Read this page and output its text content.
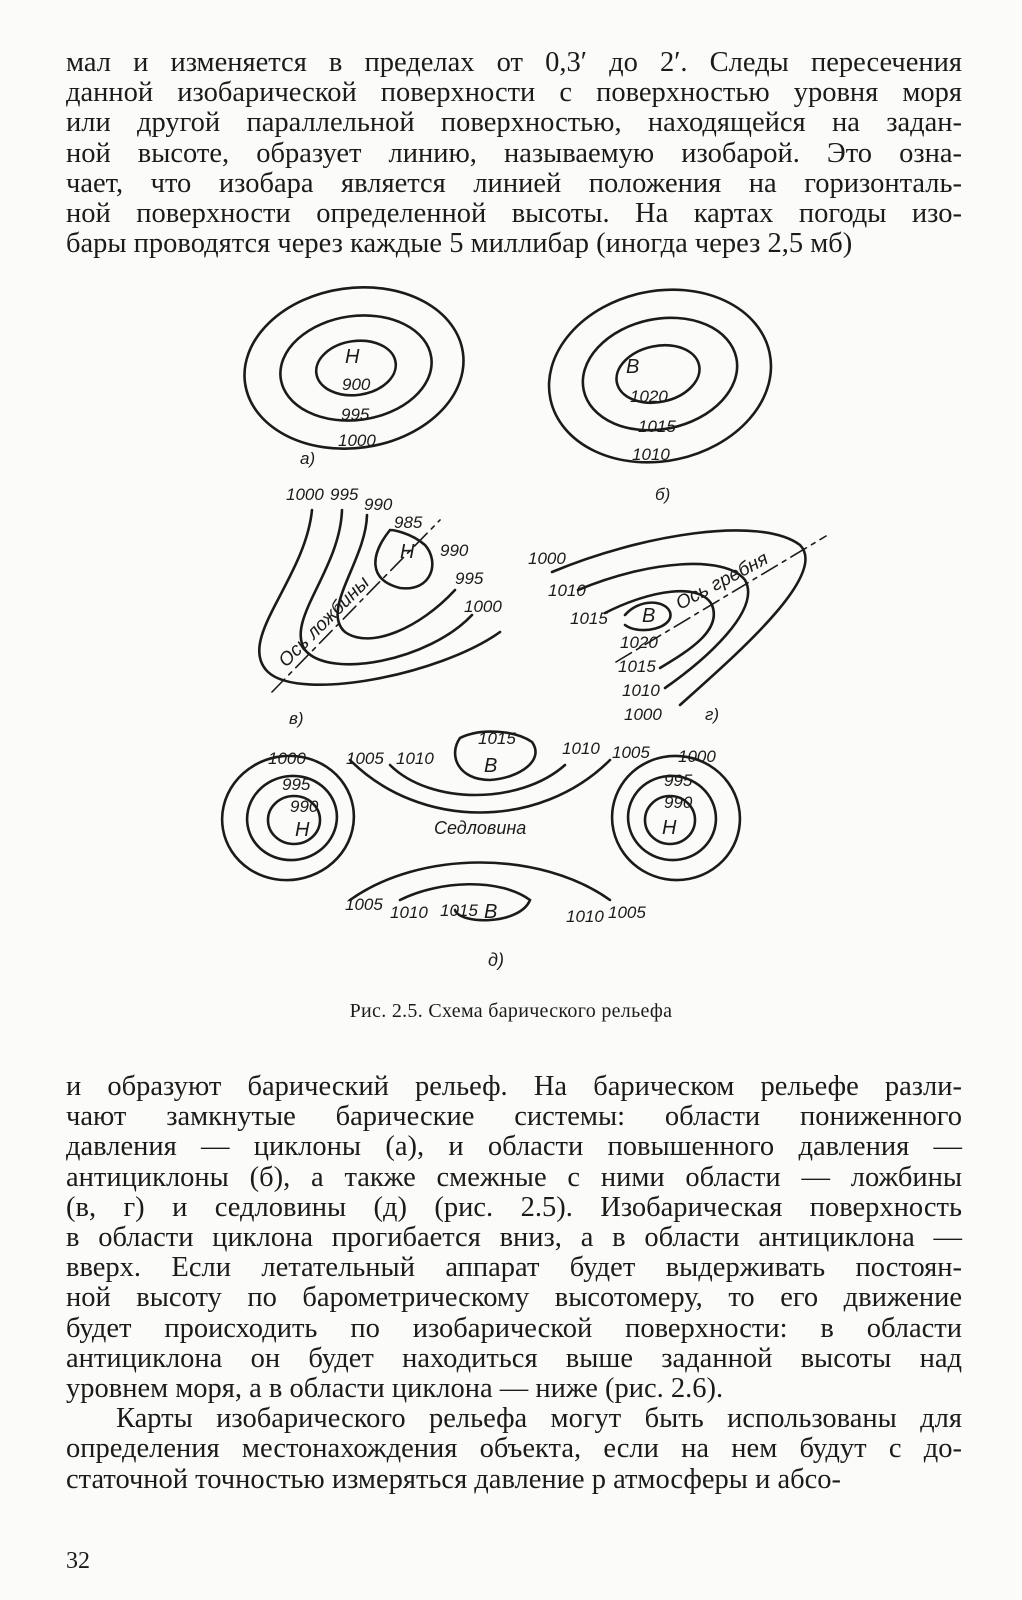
мал и изменяется в пределах от 0,3′ до 2′. Следы пересечения
данной изобарической поверхности с поверхностью уровня моря
или другой параллельной поверхностью, находящейся на задан-
ной высоте, образует линию, называемую изобарой. Это озна-
чает, что изобара является линией положения на горизонталь-
ной поверхности определенной высоты. На картах погоды изо-
бары проводятся через каждые 5 миллибар (иногда через 2,5 мб)
Н
900
995
1000
а)
В
1020
1015
1010
б)
1000 995
990
985
Н 990
995
1000
Ось ложбины
в)
1000
1010
1015 В
1020
1015
1010
1000
Ось гребня
г)
1000
995
990
Н
1005 1010
1015
В
1010 1005 1000
995
990
Н
Седловина
1005 1010 1015 В	1010 1005
д)
Рис. 2.5. Схема барического рельефа
и образуют барический рельеф. На барическом рельефе разли-
чают замкнутые барические системы: области пониженного
давления — циклоны (а), и области повышенного давления —
антициклоны (б), а также смежные с ними области — ложбины
(в, г) и седловины (д) (рис. 2.5). Изобарическая поверхность
в области циклона прогибается вниз, а в области антициклона —
вверх. Если летательный аппарат будет выдерживать постоян-
ной высоту по барометрическому высотомеру, то его движение
будет происходить по изобарической поверхности: в области
антициклона он будет находиться выше заданной высоты над
уровнем моря, а в области циклона — ниже (рис. 2.6).
Карты изобарического рельефа могут быть использованы для
определения местонахождения объекта, если на нем будут с до-
статочной точностью измеряться давление p атмосферы и абсо-
32
